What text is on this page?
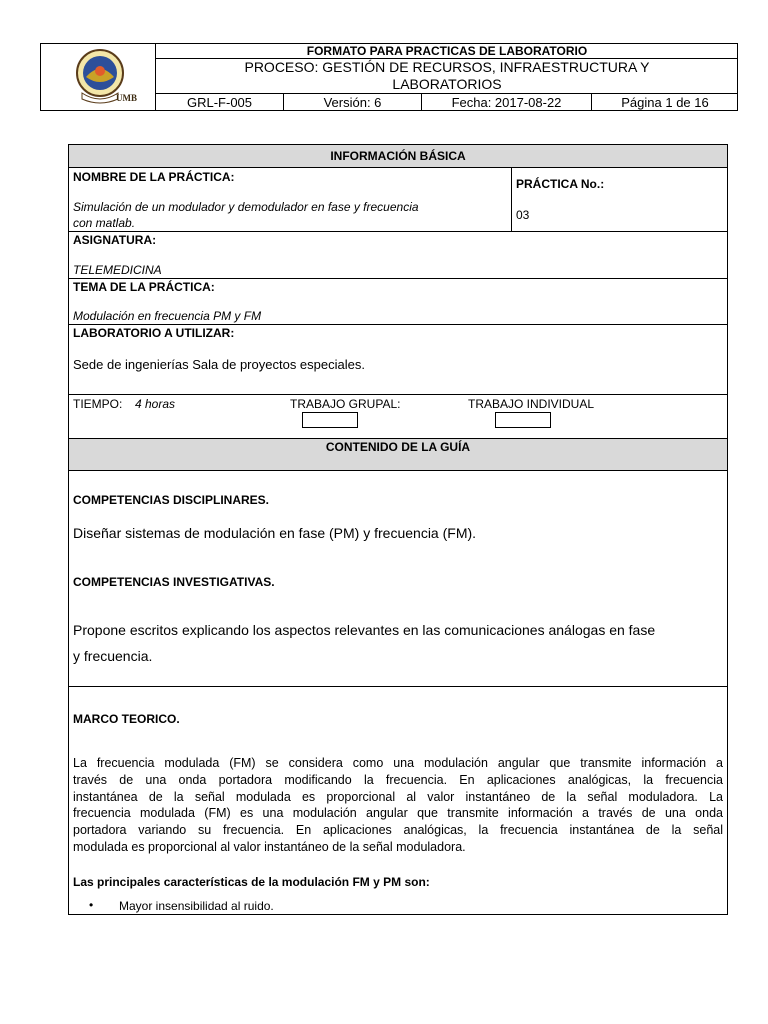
UMB
FORMATO PARA PRACTICAS DE LABORATORIO
PROCESO: GESTIÓN DE RECURSOS, INFRAESTRUCTURA Y
LABORATORIOS
GRL-F-005	Versión: 6	Fecha: 2017-08-22	Página 1 de 16
INFORMACIÓN BÁSICA
NOMBRE DE LA PRÁCTICA:
Simulación de un modulador y demodulador en fase y frecuencia
con matlab.
PRÁCTICA No.:
03
ASIGNATURA:
TELEMEDICINA
TEMA DE LA PRÁCTICA:
Modulación en frecuencia PM y FM
LABORATORIO A UTILIZAR:
Sede de ingenierías Sala de proyectos especiales.
TIEMPO: 4 horas	TRABAJO GRUPAL:	TRABAJO INDIVIDUAL
CONTENIDO DE LA GUÍA
COMPETENCIAS DISCIPLINARES.
Diseñar sistemas de modulación en fase (PM) y frecuencia (FM).
COMPETENCIAS INVESTIGATIVAS.
Propone escritos explicando los aspectos relevantes en las comunicaciones análogas en fase
y frecuencia.
MARCO TEORICO.
La frecuencia modulada (FM) se considera como una modulación angular que transmite información a
través de una onda portadora modificando la frecuencia. En aplicaciones analógicas, la frecuencia
instantánea de la señal modulada es proporcional al valor instantáneo de la señal moduladora. La
frecuencia modulada (FM) es una modulación angular que transmite información a través de una onda
portadora variando su frecuencia. En aplicaciones analógicas, la frecuencia instantánea de la señal
modulada es proporcional al valor instantáneo de la señal moduladora.
Las principales características de la modulación FM y PM son:
• Mayor insensibilidad al ruido.
